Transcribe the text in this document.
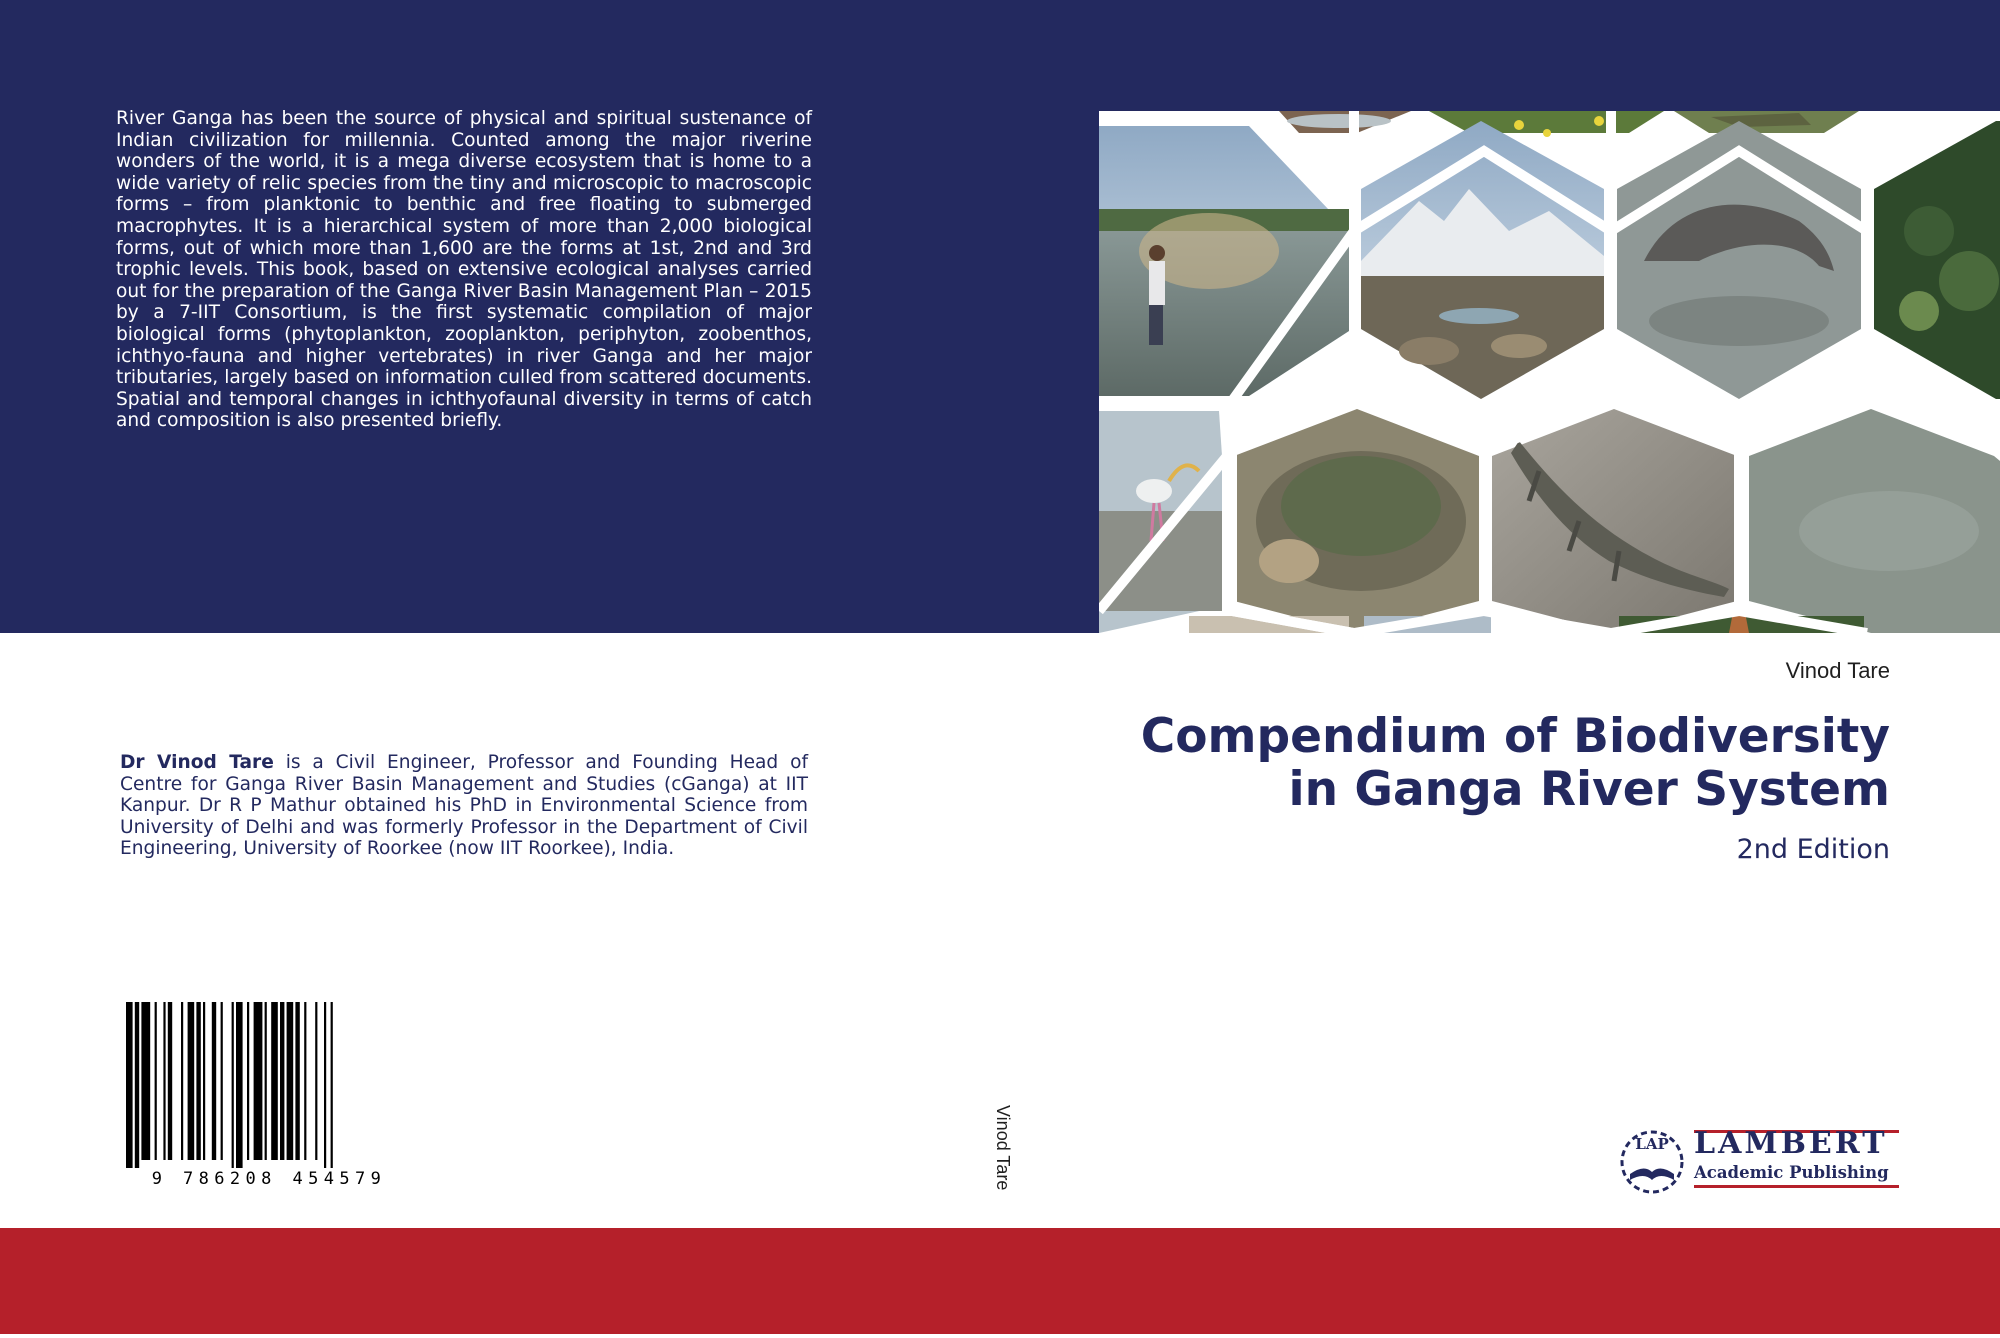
River Ganga has been the source of physical and spiritual sustenance of Indian civilization for millennia. Counted among the major riverine wonders of the world, it is a mega diverse ecosystem that is home to a wide variety of relic species from the tiny and microscopic to macroscopic forms – from planktonic to benthic and free floating to submerged macrophytes. It is a hierarchical system of more than 2,000 biological forms, out of which more than 1,600 are the forms at 1st, 2nd and 3rd trophic levels. This book, based on extensive ecological analyses carried out for the preparation of the Ganga River Basin Management Plan – 2015 by a 7-IIT Consortium, is the first systematic compilation of major biological forms (phytoplankton, zooplankton, periphyton, zoobenthos, ichthyo-fauna and higher vertebrates) in river Ganga and her major tributaries, largely based on information culled from scattered documents. Spatial and temporal changes in ichthyofaunal diversity in terms of catch and composition is also presented briefly.

Vinod Tare
Compendium of Biodiversity
in Ganga River System
2nd Edition

Dr Vinod Tare is a Civil Engineer, Professor and Founding Head of Centre for Ganga River Basin Management and Studies (cGanga) at IIT Kanpur. Dr R P Mathur obtained his PhD in Environmental Science from University of Delhi and was formerly Professor in the Department of Civil Engineering, University of Roorkee (now IIT Roorkee), India.

9 786208 454579	Vinod Tare	LAP LAMBERT
Academic Publishing
